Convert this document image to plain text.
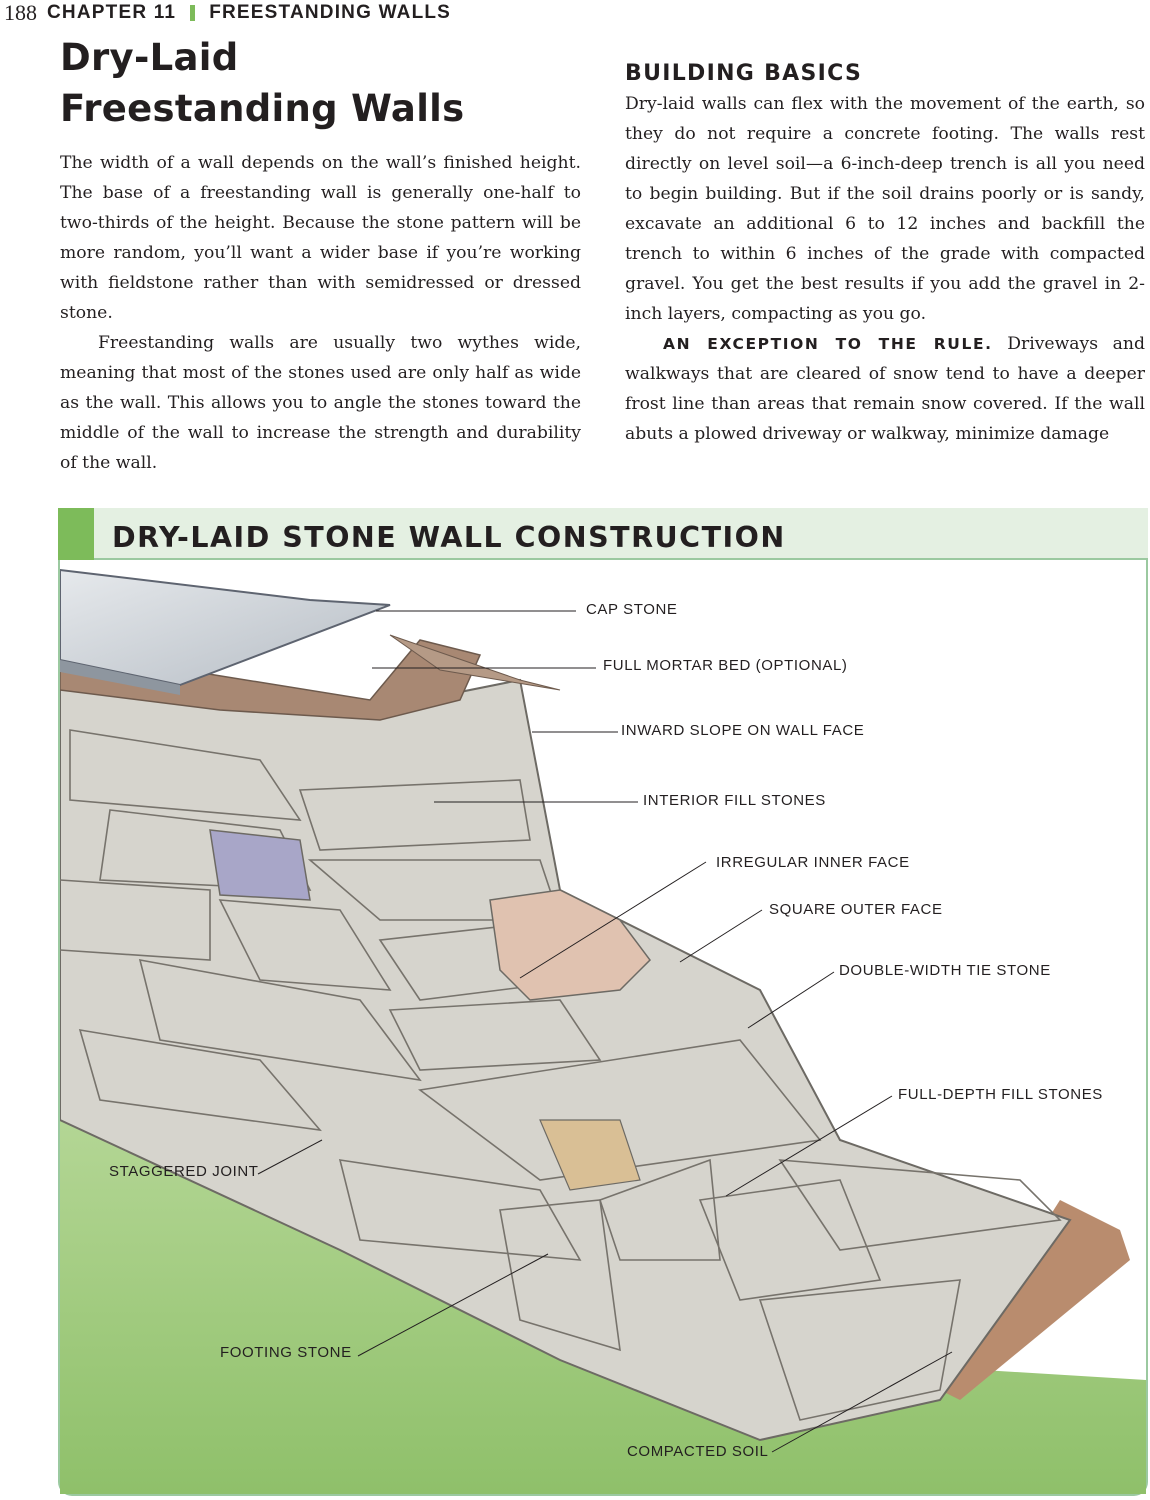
188 CHAPTER 11 FREESTANDING WALLS
Dry-Laid
Freestanding Walls

The width of a wall depends on the wall’s finished height. The base of a freestanding wall is generally one-half to two-thirds of the height. Because the stone pattern will be more random, you’ll want a wider base if you’re working with fieldstone rather than with semidressed or dressed stone.

Freestanding walls are usually two wythes wide, meaning that most of the stones used are only half as wide as the wall. This allows you to angle the stones toward the middle of the wall to increase the strength and durability of the wall.

BUILDING BASICS

Dry-laid walls can flex with the movement of the earth, so they do not require a concrete footing. The walls rest directly on level soil—a 6-inch-deep trench is all you need to begin building. But if the soil drains poorly or is sandy, excavate an additional 6 to 12 inches and backfill the trench to within 6 inches of the grade with compacted gravel. You get the best results if you add the gravel in 2-inch layers, compacting as you go.

AN EXCEPTION TO THE RULE. Driveways and walkways that are cleared of snow tend to have a deeper frost line than areas that remain snow covered. If the wall abuts a plowed driveway or walkway, minimize damage

DRY-LAID STONE WALL CONSTRUCTION
CAP STONE
FULL MORTAR BED (OPTIONAL)
INWARD SLOPE ON WALL FACE
INTERIOR FILL STONES
IRREGULAR INNER FACE
SQUARE OUTER FACE
DOUBLE-WIDTH TIE STONE
FULL-DEPTH FILL STONES
STAGGERED JOINT
FOOTING STONE
COMPACTED SOIL
